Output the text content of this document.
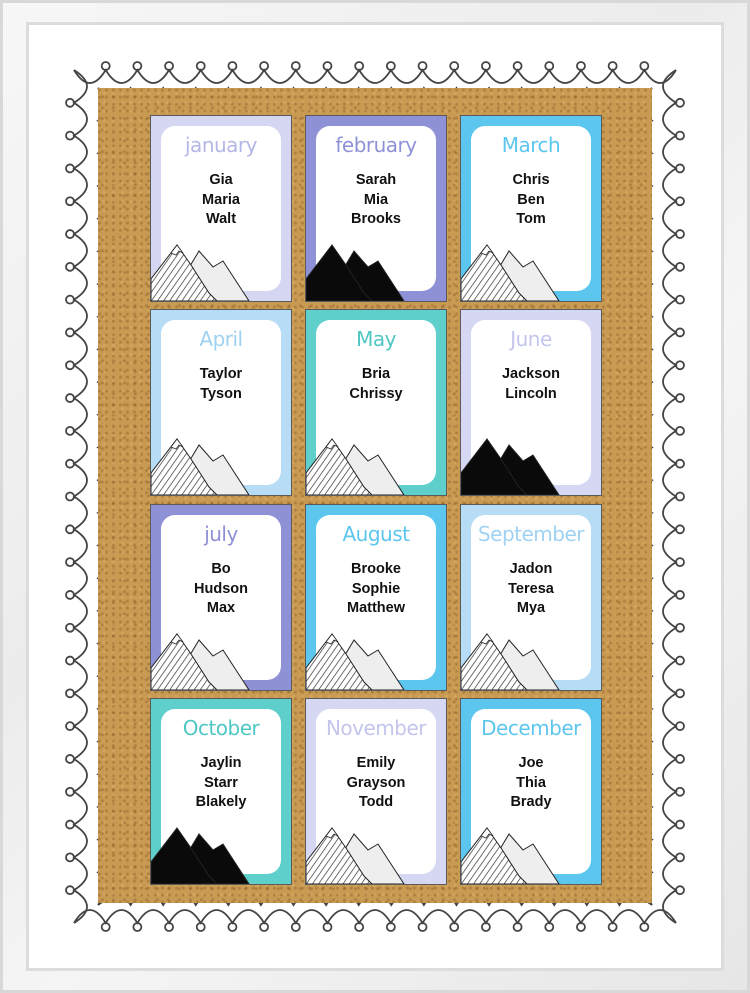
january
Gia
Maria
Walt
february
Sarah
Mia
Brooks
March
Chris
Ben
Tom
April
Taylor
Tyson
May
Bria
Chrissy
June
Jackson
Lincoln
july
Bo
Hudson
Max
August
Brooke
Sophie
Matthew
September
Jadon
Teresa
Mya
October
Jaylin
Starr
Blakely
November
Emily
Grayson
Todd
December
Joe
Thia
Brady
